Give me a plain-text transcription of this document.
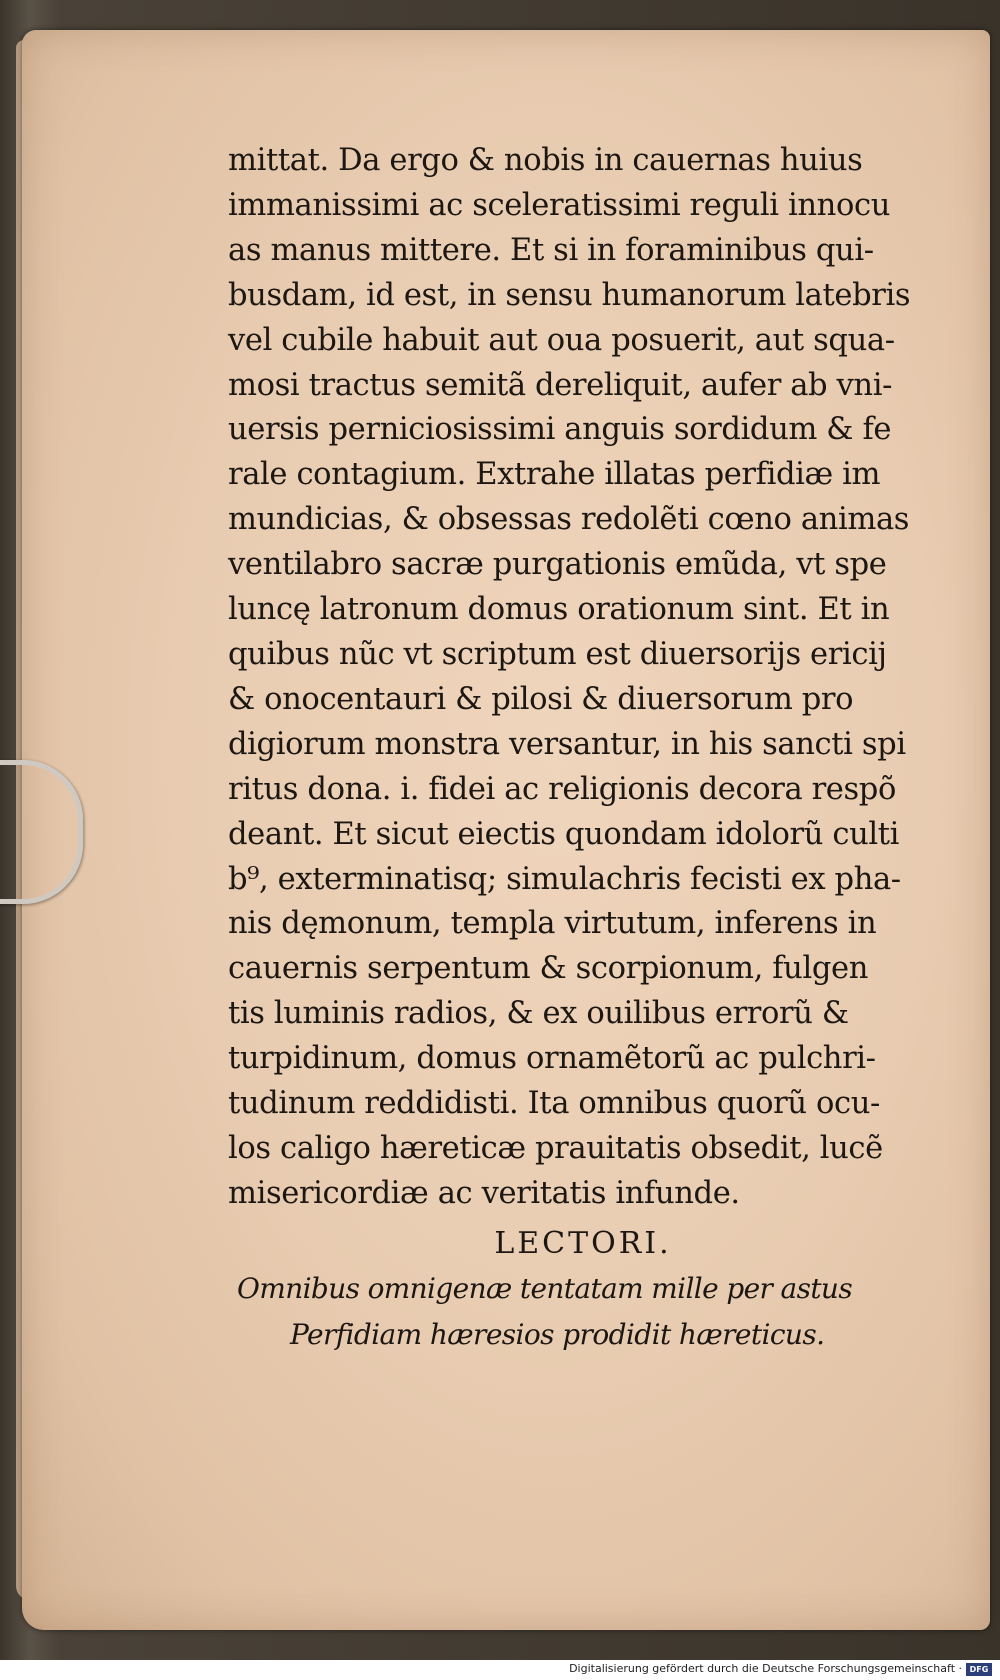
mittat. Da ergo & nobis in cauernas huius
immanissimi ac sceleratissimi reguli innocu
as manus mittere. Et si in foraminibus qui-
busdam, id est, in sensu humanorum latebris
vel cubile habuit aut oua posuerit, aut squa-
mosi tractus semitã dereliquit, aufer ab vni-
uersis perniciosissimi anguis sordidum & fe
rale contagium. Extrahe illatas perfidiæ im
mundicias, & obsessas redolẽti cœno animas
ventilabro sacræ purgationis emũda, vt spe
luncę latronum domus orationum sint. Et in
quibus nũc vt scriptum est diuersorijs ericij
& onocentauri & pilosi & diuersorum pro
digiorum monstra versantur, in his sancti spi
ritus dona. i. fidei ac religionis decora respõ
deant. Et sicut eiectis quondam idolorũ culti
b⁹, exterminatisq; simulachris fecisti ex pha-
nis dęmonum, templa virtutum, inferens in
cauernis serpentum & scorpionum, fulgen
tis luminis radios, & ex ouilibus errorũ &
turpidinum, domus ornamẽtorũ ac pulchri-
tudinum reddidisti. Ita omnibus quorũ ocu-
los caligo hæreticæ prauitatis obsedit, lucẽ
misericordiæ ac veritatis infunde.
LECTORI.
Omnibus omnigenæ tentatam mille per astus
Perfidiam hæresios prodidit hæreticus.
Digitalisierung gefördert durch die Deutsche Forschungsgemeinschaft · DFG
